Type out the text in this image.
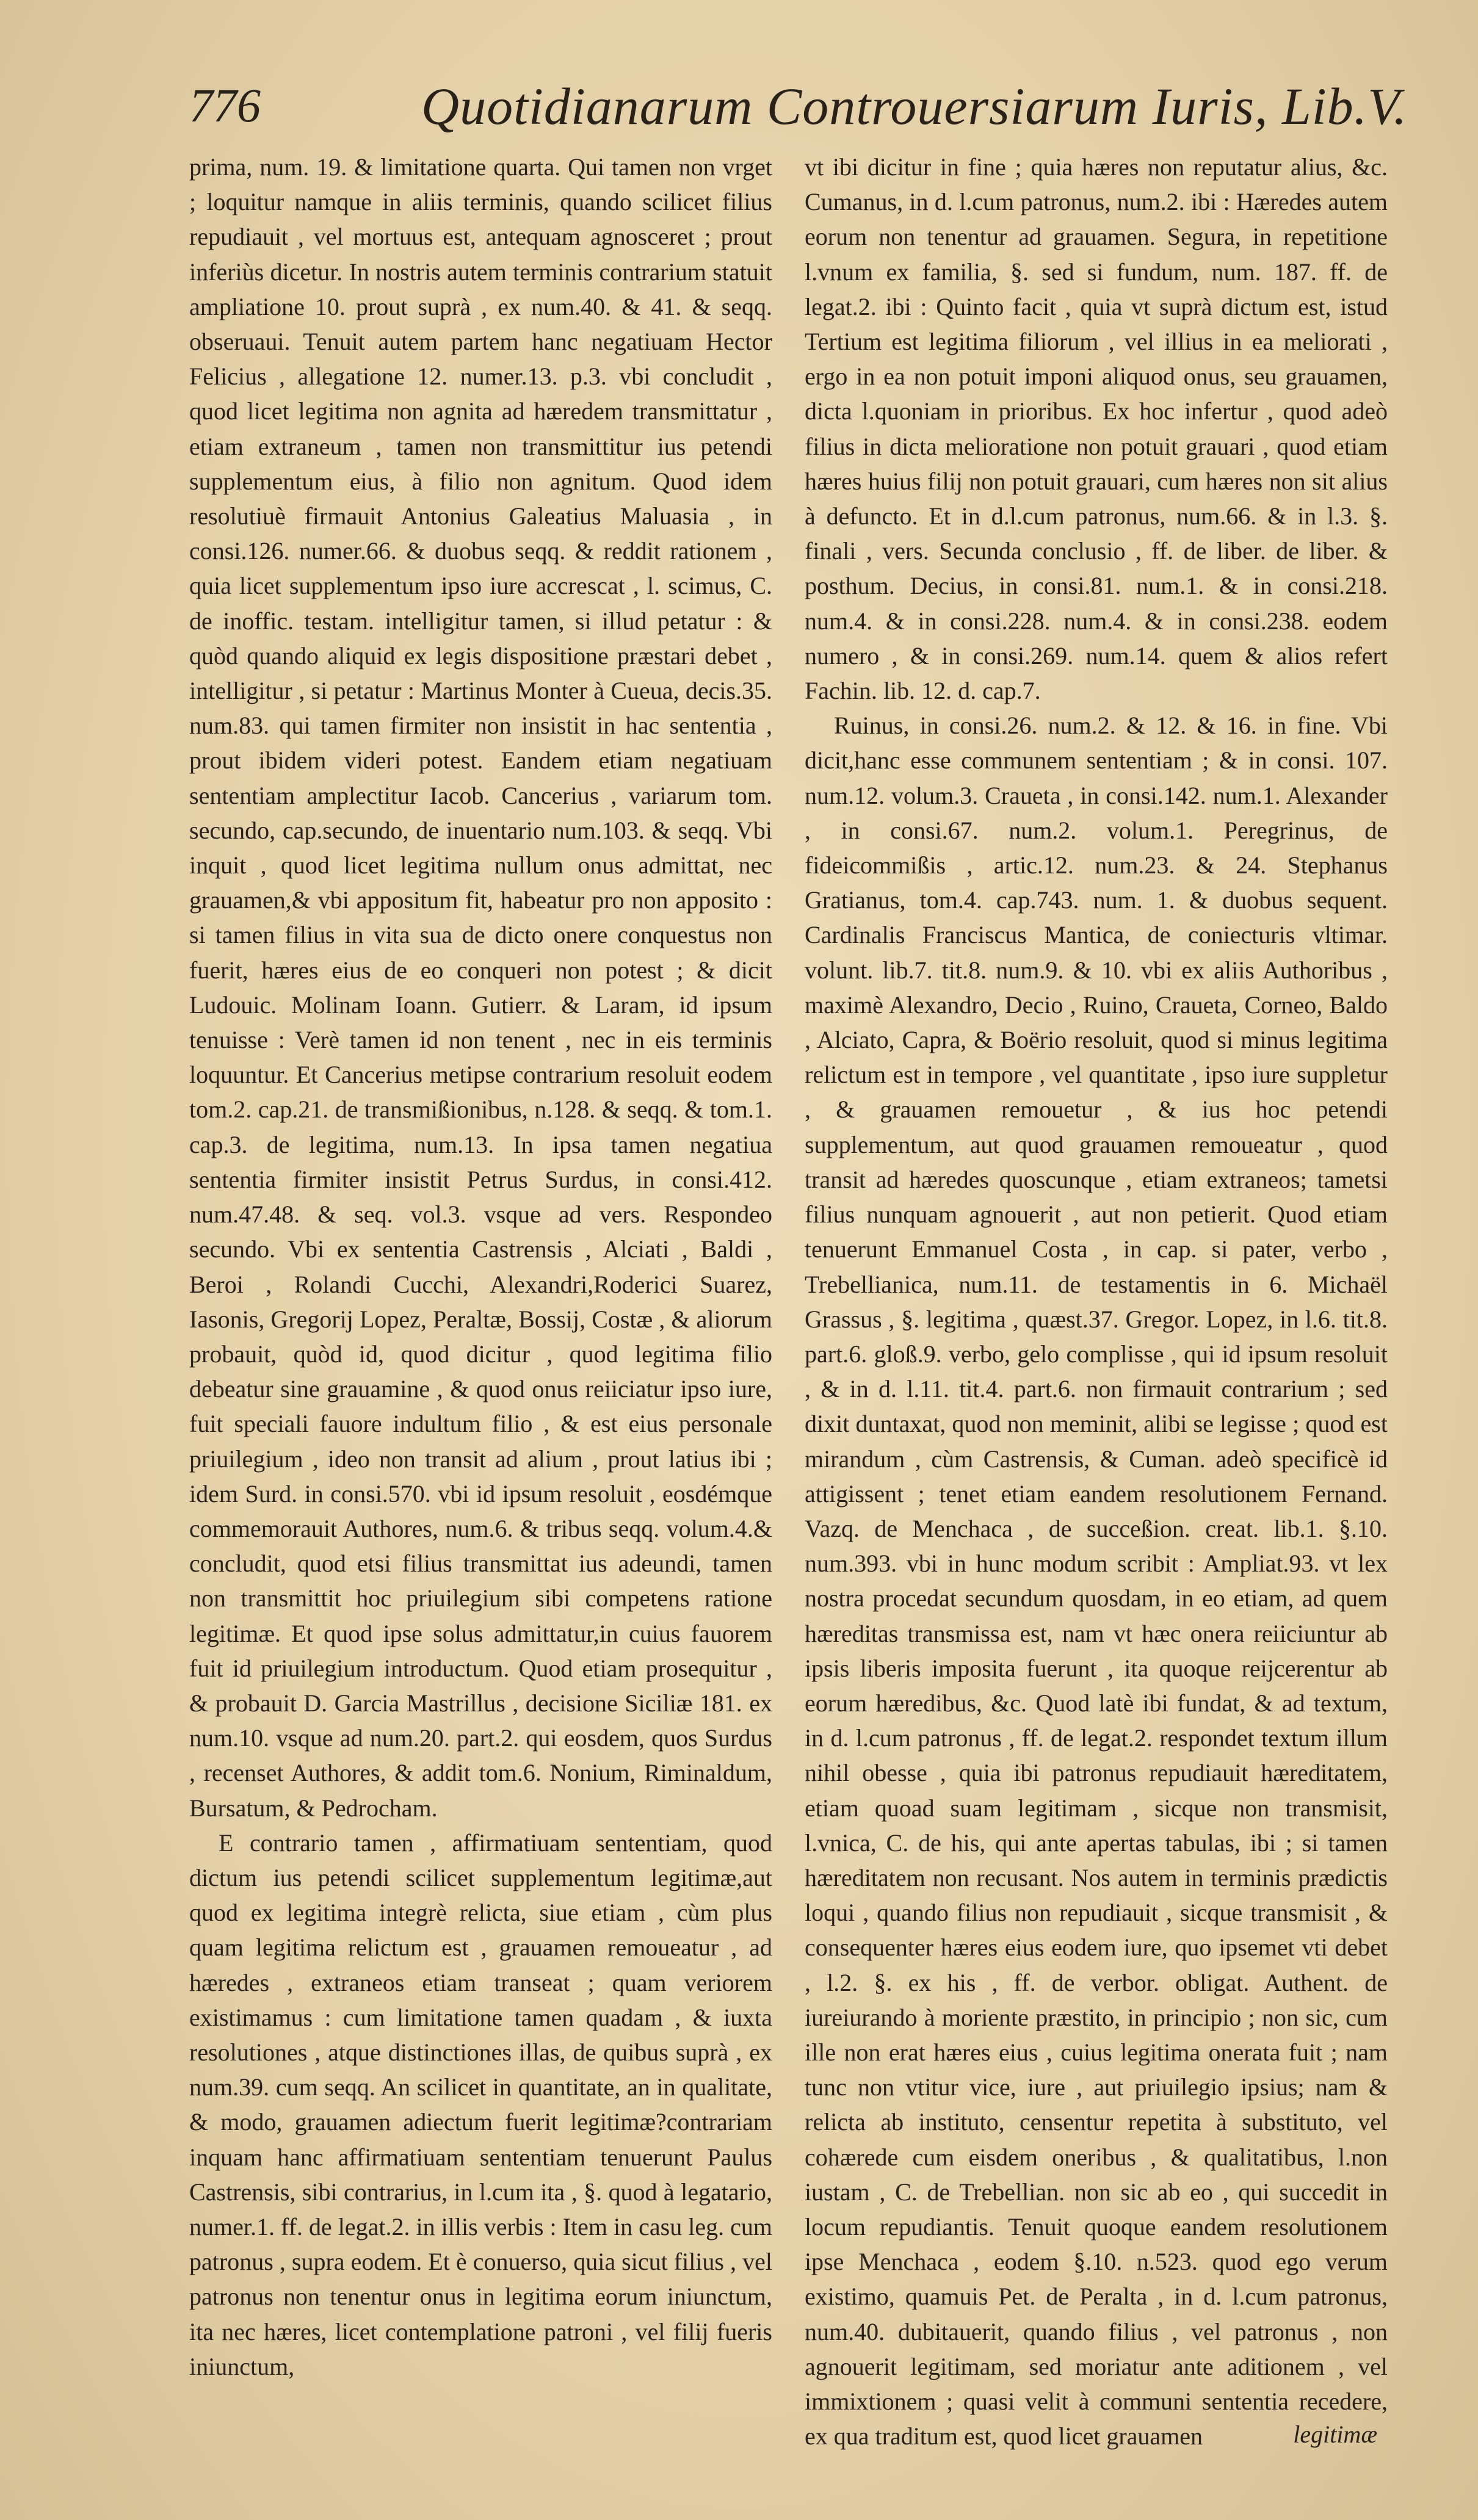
776	Quotidianarum Controuersiarum Iuris, Lib.V.

prima, num. 19. & limitatione quarta. Qui tamen non vrget ; loquitur namque in aliis terminis, quando scilicet filius repudiauit , vel mortuus est, antequam agnosceret ; prout inferiùs dicetur. In nostris autem terminis contrarium statuit ampliatione 10. prout suprà , ex num.40. & 41. & seqq. obseruaui. Tenuit autem partem hanc negatiuam Hector Felicius , allegatione 12. numer.13. p.3. vbi concludit , quod licet legitima non agnita ad hæredem transmittatur , etiam extraneum , tamen non transmittitur ius petendi supplementum eius, à filio non agnitum. Quod idem resolutiuè firmauit Antonius Galeatius Maluasia , in consi.126. numer.66. & duobus seqq. & reddit rationem , quia licet supplementum ipso iure accrescat , l. scimus, C. de inoffic. testam. intelligitur tamen, si illud petatur : & quòd quando aliquid ex legis dispositione præstari debet , intelligitur , si petatur : Martinus Monter à Cueua, decis.35. num.83. qui tamen firmiter non insistit in hac sententia , prout ibidem videri potest. Eandem etiam negatiuam sententiam amplectitur Iacob. Cancerius , variarum tom. secundo, cap.secundo, de inuentario num.103. & seqq. Vbi inquit , quod licet legitima nullum onus admittat, nec grauamen,& vbi appositum fit, habeatur pro non apposito : si tamen filius in vita sua de dicto onere conquestus non fuerit, hæres eius de eo conqueri non potest ; & dicit Ludouic. Molinam Ioann. Gutierr. & Laram, id ipsum tenuisse : Verè tamen id non tenent , nec in eis terminis loquuntur. Et Cancerius metipse contrarium resoluit eodem tom.2. cap.21. de transmißionibus, n.128. & seqq. & tom.1. cap.3. de legitima, num.13. In ipsa tamen negatiua sententia firmiter insistit Petrus Surdus, in consi.412. num.47.48. & seq. vol.3. vsque ad vers. Respondeo secundo. Vbi ex sententia Castrensis , Alciati , Baldi , Beroi , Rolandi Cucchi, Alexandri,Roderici Suarez, Iasonis, Gregorij Lopez, Peraltæ, Bossij, Costæ , & aliorum probauit, quòd id, quod dicitur , quod legitima filio debeatur sine grauamine , & quod onus reiiciatur ipso iure, fuit speciali fauore indultum filio , & est eius personale priuilegium , ideo non transit ad alium , prout latius ibi ; idem Surd. in consi.570. vbi id ipsum resoluit , eosdémque commemorauit Authores, num.6. & tribus seqq. volum.4.& concludit, quod etsi filius transmittat ius adeundi, tamen non transmittit hoc priuilegium sibi competens ratione legitimæ. Et quod ipse solus admittatur,in cuius fauorem fuit id priuilegium introductum. Quod etiam prosequitur , & probauit D. Garcia Mastrillus , decisione Siciliæ 181. ex num.10. vsque ad num.20. part.2. qui eosdem, quos Surdus , recenset Authores, & addit tom.6. Nonium, Riminaldum, Bursatum, & Pedrocham.

E contrario tamen , affirmatiuam sententiam, quod dictum ius petendi scilicet supplementum legitimæ,aut quod ex legitima integrè relicta, siue etiam , cùm plus quam legitima relictum est , grauamen remoueatur , ad hæredes , extraneos etiam transeat ; quam veriorem existimamus : cum limitatione tamen quadam , & iuxta resolutiones , atque distinctiones illas, de quibus suprà , ex num.39. cum seqq. An scilicet in quantitate, an in qualitate, & modo, grauamen adiectum fuerit legitimæ?contrariam inquam hanc affirmatiuam sententiam tenuerunt Paulus Castrensis, sibi contrarius, in l.cum ita , §. quod à legatario, numer.1. ff. de legat.2. in illis verbis : Item in casu leg. cum patronus , supra eodem. Et è conuerso, quia sicut filius , vel patronus non tenentur onus in legitima eorum iniunctum, ita nec hæres, licet contemplatione patroni , vel filij fueris iniunctum,

vt ibi dicitur in fine ; quia hæres non reputatur alius, &c. Cumanus, in d. l.cum patronus, num.2. ibi : Hæredes autem eorum non tenentur ad grauamen. Segura, in repetitione l.vnum ex familia, §. sed si fundum, num. 187. ff. de legat.2. ibi : Quinto facit , quia vt suprà dictum est, istud Tertium est legitima filiorum , vel illius in ea meliorati , ergo in ea non potuit imponi aliquod onus, seu grauamen, dicta l.quoniam in prioribus. Ex hoc infertur , quod adeò filius in dicta melioratione non potuit grauari , quod etiam hæres huius filij non potuit grauari, cum hæres non sit alius à defuncto. Et in d.l.cum patronus, num.66. & in l.3. §. finali , vers. Secunda conclusio , ff. de liber. de liber. & posthum. Decius, in consi.81. num.1. & in consi.218. num.4. & in consi.228. num.4. & in consi.238. eodem numero , & in consi.269. num.14. quem & alios refert Fachin. lib. 12. d. cap.7.

Ruinus, in consi.26. num.2. & 12. & 16. in fine. Vbi dicit,hanc esse communem sententiam ; & in consi. 107. num.12. volum.3. Craueta , in consi.142. num.1. Alexander , in consi.67. num.2. volum.1. Peregrinus, de fideicommißis , artic.12. num.23. & 24. Stephanus Gratianus, tom.4. cap.743. num. 1. & duobus sequent. Cardinalis Franciscus Mantica, de coniecturis vltimar. volunt. lib.7. tit.8. num.9. & 10. vbi ex aliis Authoribus , maximè Alexandro, Decio , Ruino, Craueta, Corneo, Baldo , Alciato, Capra, & Boërio resoluit, quod si minus legitima relictum est in tempore , vel quantitate , ipso iure suppletur , & grauamen remouetur , & ius hoc petendi supplementum, aut quod grauamen remoueatur , quod transit ad hæredes quoscunque , etiam extraneos; tametsi filius nunquam agnouerit , aut non petierit. Quod etiam tenuerunt Emmanuel Costa , in cap. si pater, verbo , Trebellianica, num.11. de testamentis in 6. Michaël Grassus , §. legitima , quæst.37. Gregor. Lopez, in l.6. tit.8. part.6. gloß.9. verbo, gelo complisse , qui id ipsum resoluit , & in d. l.11. tit.4. part.6. non firmauit contrarium ; sed dixit duntaxat, quod non meminit, alibi se legisse ; quod est mirandum , cùm Castrensis, & Cuman. adeò specificè id attigissent ; tenet etiam eandem resolutionem Fernand. Vazq. de Menchaca , de succeßion. creat. lib.1. §.10. num.393. vbi in hunc modum scribit : Ampliat.93. vt lex nostra procedat secundum quosdam, in eo etiam, ad quem hæreditas transmissa est, nam vt hæc onera reiiciuntur ab ipsis liberis imposita fuerunt , ita quoque reijcerentur ab eorum hæredibus, &c. Quod latè ibi fundat, & ad textum, in d. l.cum patronus , ff. de legat.2. respondet textum illum nihil obesse , quia ibi patronus repudiauit hæreditatem, etiam quoad suam legitimam , sicque non transmisit, l.vnica, C. de his, qui ante apertas tabulas, ibi ; si tamen hæreditatem non recusant. Nos autem in terminis prædictis loqui , quando filius non repudiauit , sicque transmisit , & consequenter hæres eius eodem iure, quo ipsemet vti debet , l.2. §. ex his , ff. de verbor. obligat. Authent. de iureiurando à moriente præstito, in principio ; non sic, cum ille non erat hæres eius , cuius legitima onerata fuit ; nam tunc non vtitur vice, iure , aut priuilegio ipsius; nam & relicta ab instituto, censentur repetita à substituto, vel cohærede cum eisdem oneribus , & qualitatibus, l.non iustam , C. de Trebellian. non sic ab eo , qui succedit in locum repudiantis. Tenuit quoque eandem resolutionem ipse Menchaca , eodem §.10. n.523. quod ego verum existimo, quamuis Pet. de Peralta , in d. l.cum patronus, num.40. dubitauerit, quando filius , vel patronus , non agnouerit legitimam, sed moriatur ante aditionem , vel immixtionem ; quasi velit à communi sententia recedere, ex qua traditum est, quod licet grauamen	legitimæ
